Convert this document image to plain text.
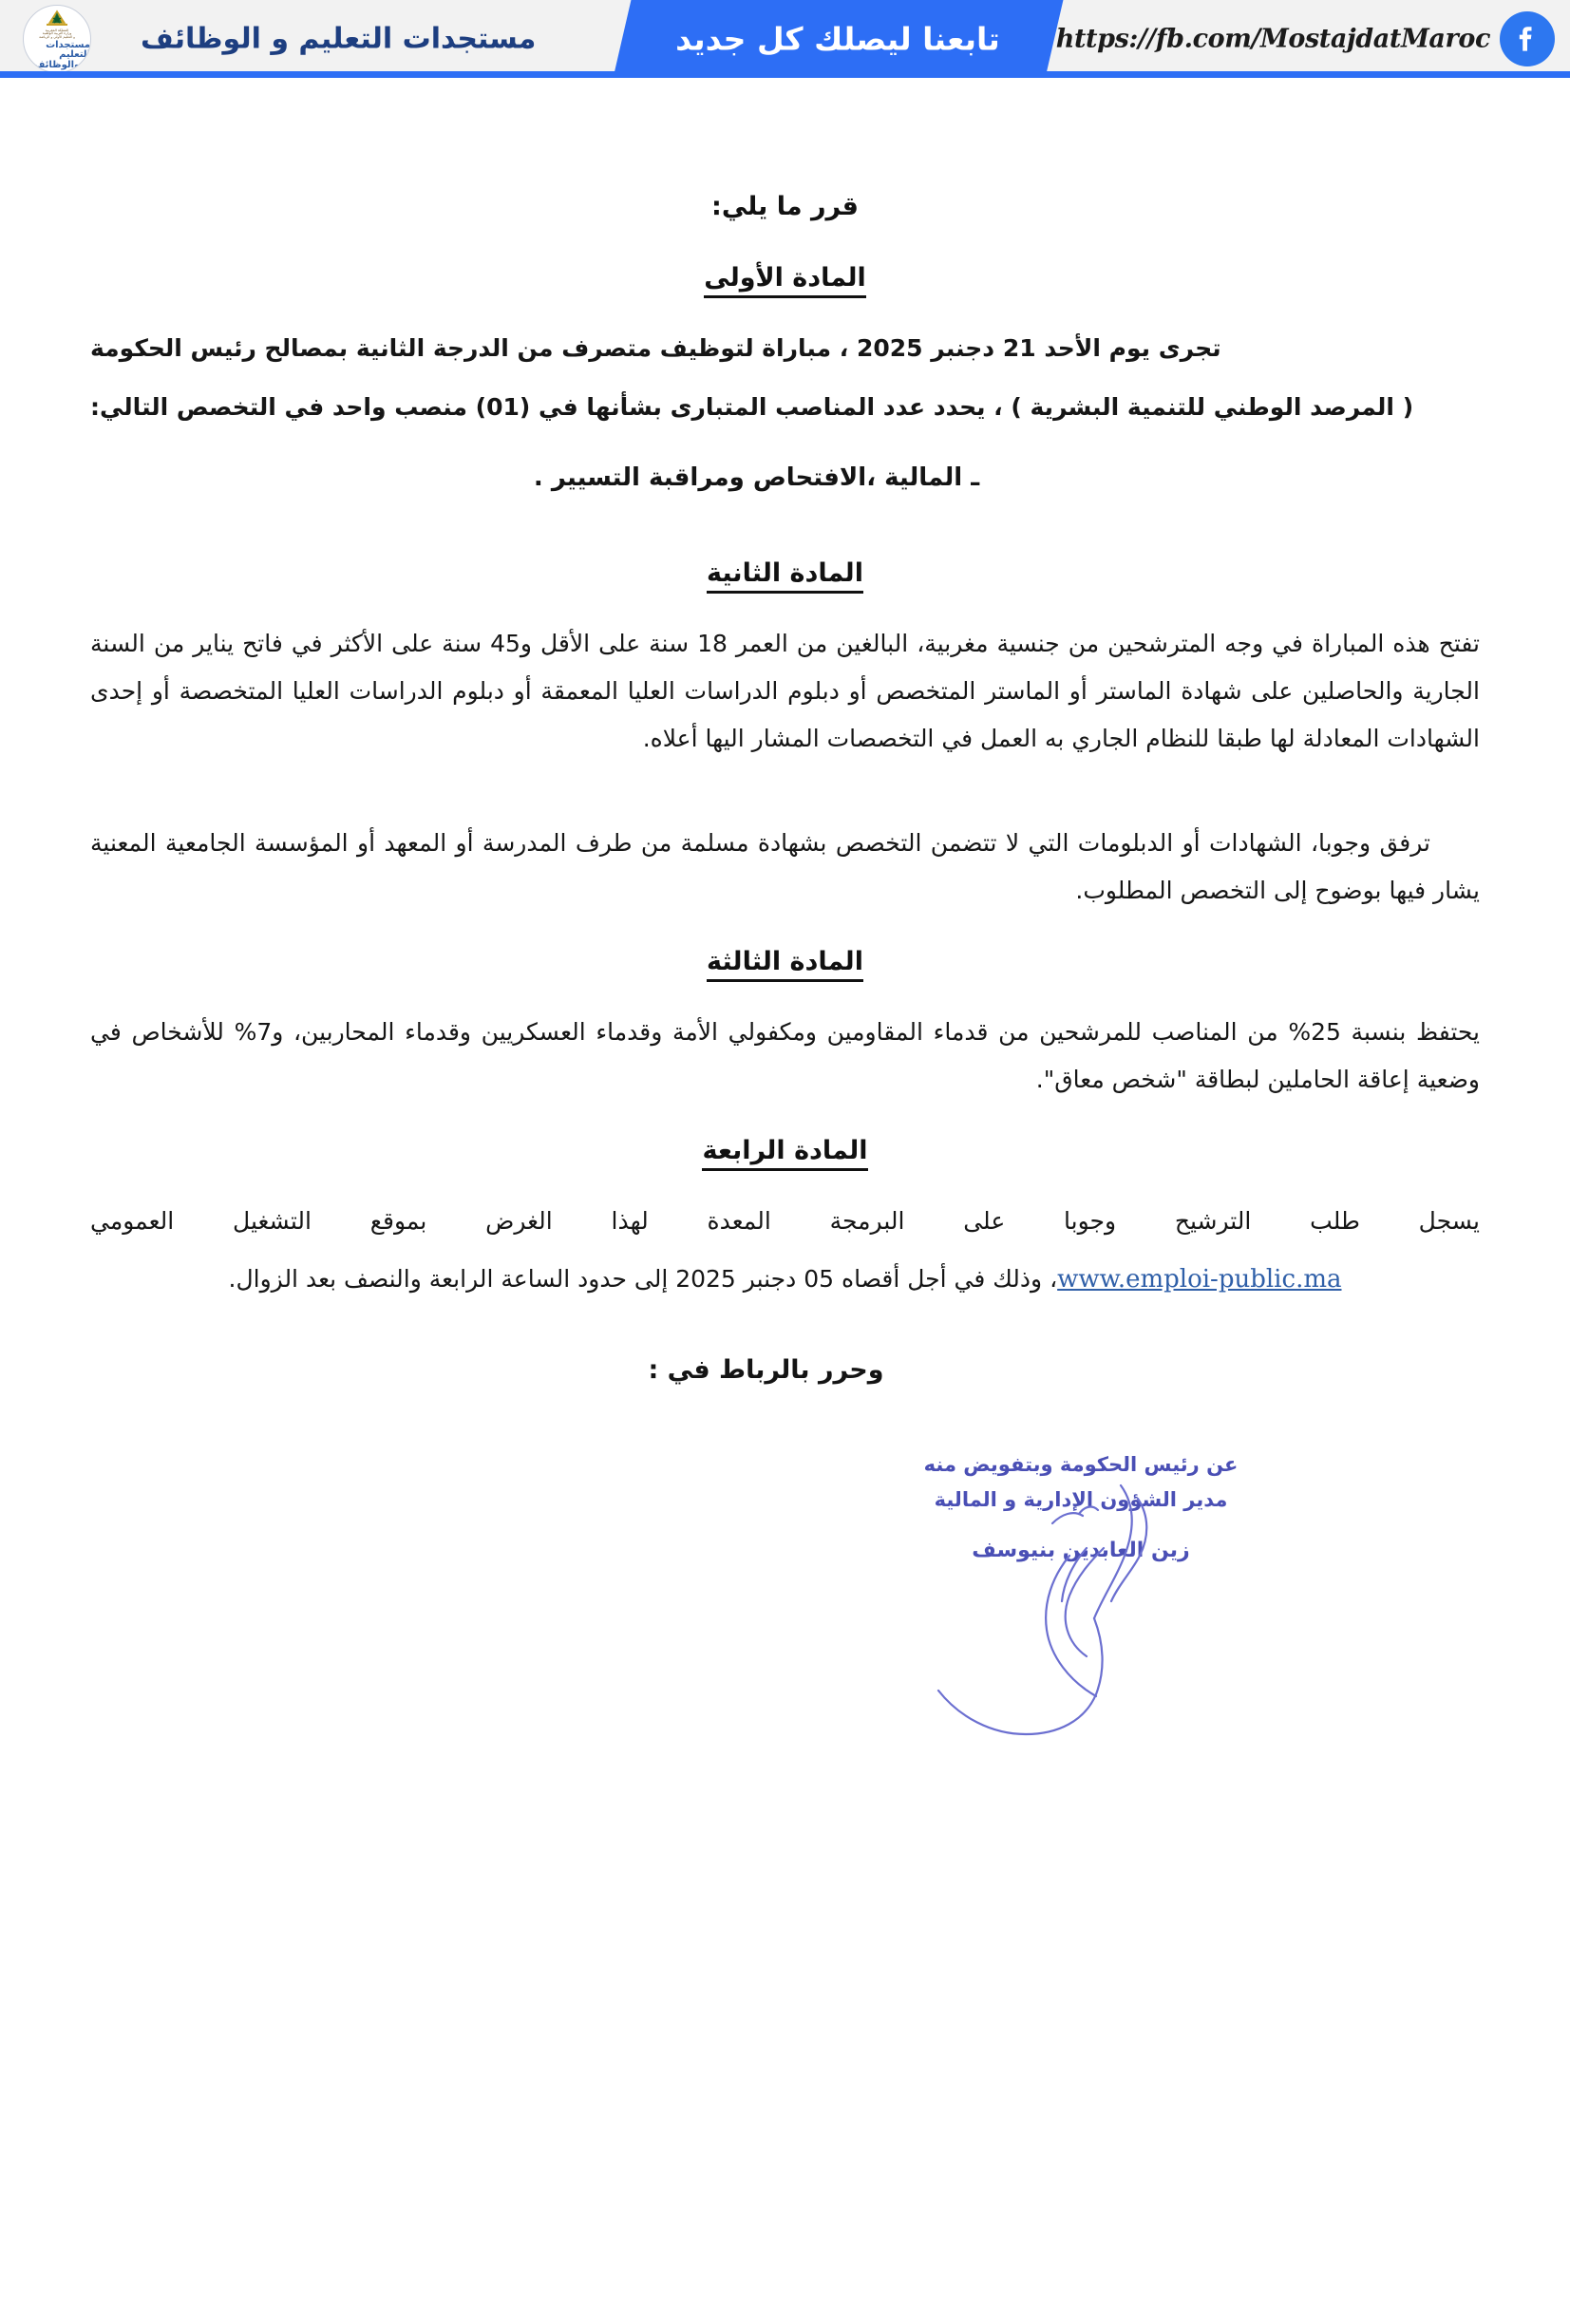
https://fb.com/MostajdatMaroc
تابعنا ليصلك كل جديد
مستجدات التعليم و الوظائف
المملكة المغربية
وزارة التربية الوطنية
و التعليم الأولي و الرياضة
مستجدات التعليم
والوظائف
قرر ما يلي:
المادة الأولى
تجرى يوم الأحد 21 دجنبر 2025 ، مباراة لتوظيف متصرف من الدرجة الثانية بمصالح رئيس الحكومة
( المرصد الوطني للتنمية البشرية ) ، يحدد عدد المناصب المتبارى بشأنها في (01) منصب واحد في التخصص التالي:
ـ المالية ،الافتحاص ومراقبة التسيير .
المادة الثانية
تفتح هذه المباراة في وجه المترشحين من جنسية مغربية، البالغين من العمر 18 سنة على الأقل و45 سنة على الأكثر في فاتح يناير من السنة الجارية والحاصلين على شهادة الماستر أو الماستر المتخصص أو دبلوم الدراسات العليا المعمقة أو دبلوم الدراسات العليا المتخصصة أو إحدى الشهادات المعادلة لها طبقا للنظام الجاري به العمل في التخصصات المشار اليها أعلاه.
ترفق وجوبا، الشهادات أو الدبلومات التي لا تتضمن التخصص بشهادة مسلمة من طرف المدرسة أو المعهد أو المؤسسة الجامعية المعنية يشار فيها بوضوح إلى التخصص المطلوب.
المادة الثالثة
يحتفظ بنسبة 25% من المناصب للمرشحين من قدماء المقاومين ومكفولي الأمة وقدماء العسكريين وقدماء المحاربين، و7% للأشخاص في وضعية إعاقة الحاملين لبطاقة "شخص معاق".
المادة الرابعة
يسجل طلب الترشيح وجوبا على البرمجة المعدة لهذا الغرض بموقع التشغيل العمومي
www.emploi-public.ma، وذلك في أجل أقصاه 05 دجنبر 2025 إلى حدود الساعة الرابعة والنصف بعد الزوال.
وحرر بالرباط في :
عن رئيس الحكومة وبتفويض منه
مدير الشؤون الإدارية و المالية
زين العابدين بنيوسف
